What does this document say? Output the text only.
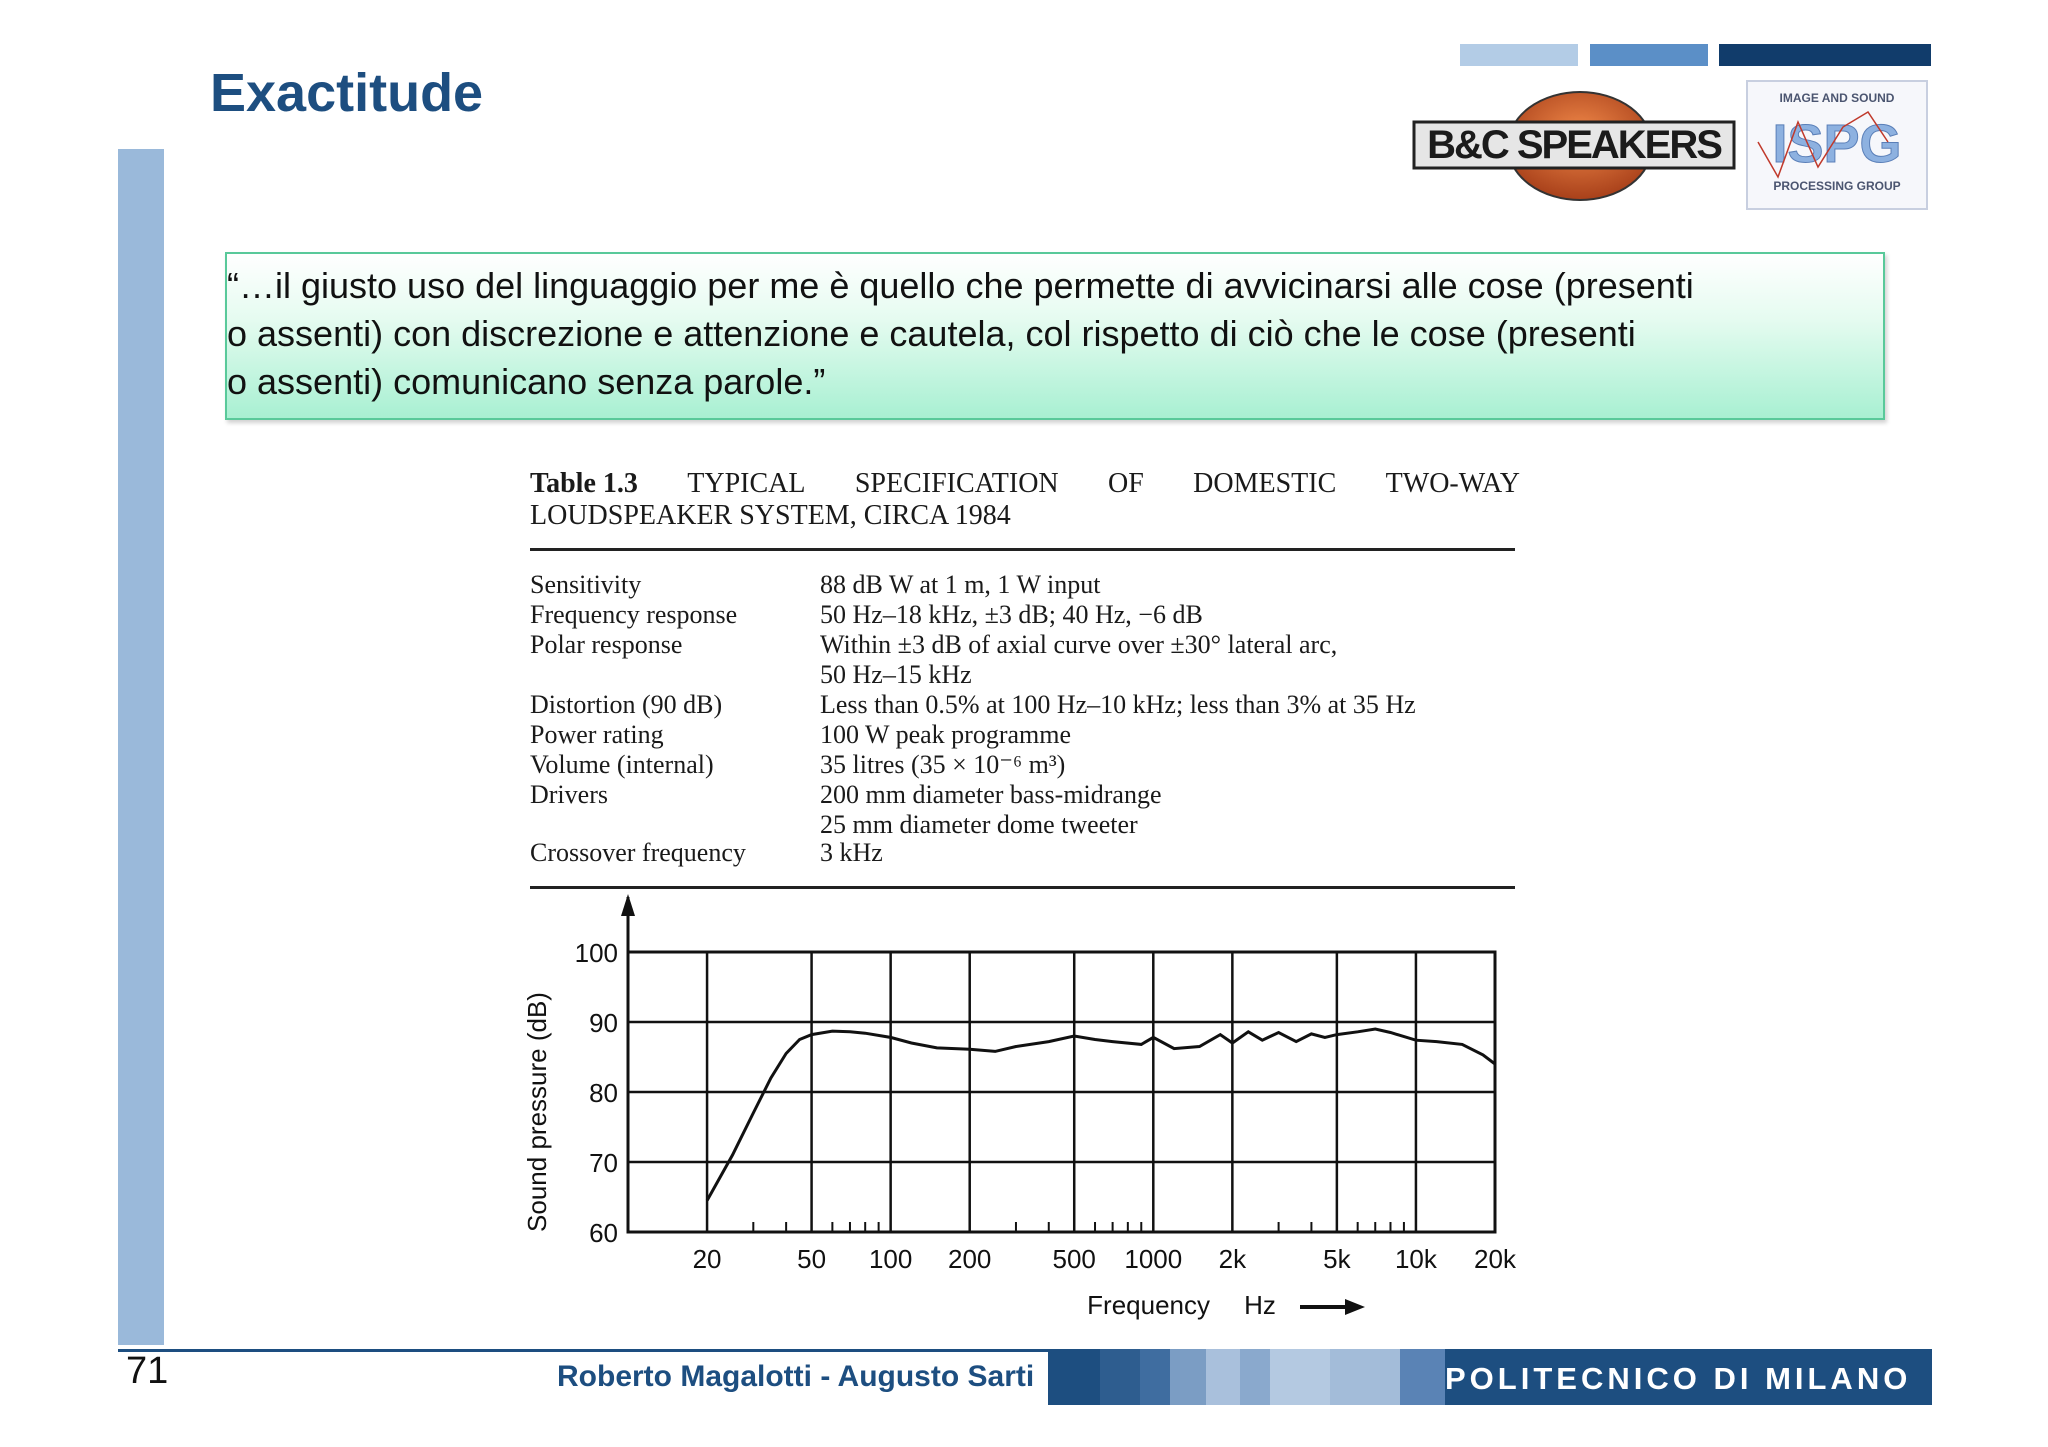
Exactitude
B&C SPEAKERS
IMAGE AND SOUND
ISPG
PROCESSING GROUP
“…il giusto uso del linguaggio per me è quello che permette di avvicinarsi alle cose (presenti
o assenti) con discrezione e attenzione e cautela, col rispetto di ciò che le cose (presenti
o assenti) comunicano senza parole.”
Table 1.3 TYPICAL SPECIFICATION OF DOMESTIC TWO-WAY
LOUDSPEAKER SYSTEM, CIRCA 1984
Sensitivity	88 dB W at 1 m, 1 W input
Frequency response	50 Hz–18 kHz, ±3 dB; 40 Hz, −6 dB
Polar response	Within ±3 dB of axial curve over ±30° lateral arc,
50 Hz–15 kHz
Distortion (90 dB)	Less than 0.5% at 100 Hz–10 kHz; less than 3% at 35 Hz
Power rating	100 W peak programme
Volume (internal)	35 litres (35 × 10⁻⁶ m³)
Drivers	200 mm diameter bass-midrange
25 mm diameter dome tweeter
Crossover frequency	3 kHz
60
70
80
90
100
20	50 100 200 500 1000 2k	5k 10k 20k
Sound pressure (dB)
Frequency Hz
71	Roberto Magalotti - Augusto Sarti	POLITECNICO DI MILANO
